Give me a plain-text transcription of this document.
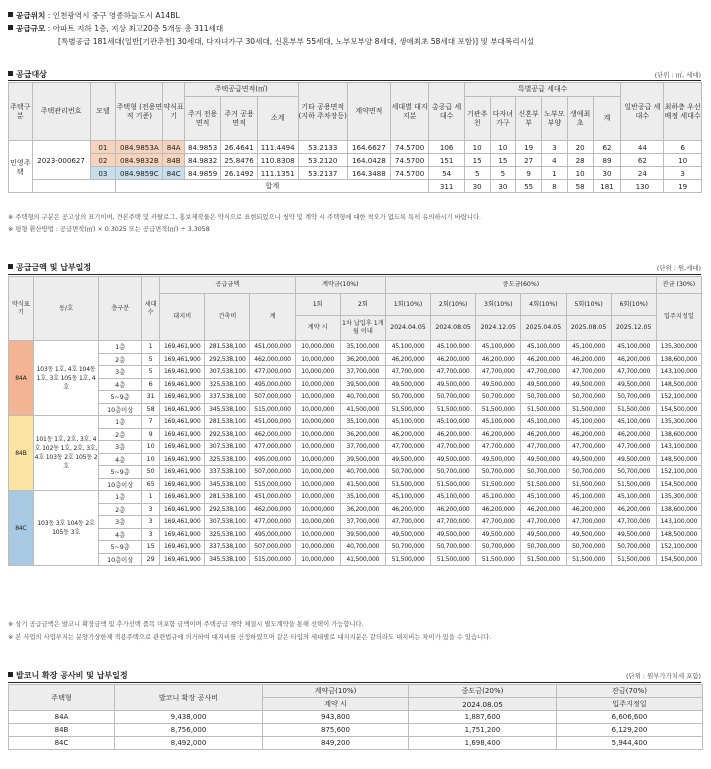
공급위치 : 인천광역시 중구 영종하늘도시 A14BL
공급규모 : 아파트 지하 1층, 지상 최고20층 5개동 총 311세대
[특별공급 181세대(일반[기관추천] 30세대, 다자녀가구 30세대, 신혼부부 55세대, 노부모부양 8세대, 생애최초 58세대 포함)] 및 부대복리시설
공급대상	(단위 : ㎡, 세대)
주택구분	주택관리번호	모델	주택형 (전용면적 기준)	약식표기	주택공급면적(㎡)			기타 공용면적 (지하 주차장등)	계약면적	세대별 대지지분	총공급 세대수	특별공급 세대수						일반공급 세대수	최하층 우선배정 세대수
					주거 전용면적	주거 공용면적	소계					기관추천	다자녀가구	신혼부부	노부모부양	생애최초	계		
민영주택	2023-000627	01	084.9853A	84A	84.9853	26.4641	111.4494	53.2133	164.6627	74.5700	106	10	10	19	3	20	62	44	6
		02	084.9832B	84B	84.9832	25.8476	110.8308	53.2120	164.0428	74.5700	151	15	15	27	4	28	89	62	10
		03	084.9859C	84C	84.9859	26.1492	111.1351	53.2137	164.3488	74.5700	54	5	5	9	1	10	30	24	3
			합계								311	30	30	55	8	58	181	130	19
※ 주택형의 구분은 공고상의 표기이며, 견본주택 및 카탈로그, 홍보제작물은 약식으로 표현되었으니 청약 및 계약 시 주택형에 대한 착오가 없도록 특히 유의하시기 바랍니다.
※ 평형 환산방법 : 공급면적(㎡) × 0.3025 또는 공급면적(㎡) ÷ 3.3058
공급금액 및 납부일정	(단위 : 원,세대)
약식표기	동/호	층구분	세대수	공급금액			계약금(10%)		중도금(60%)						잔금 (30%)
				대지비	건축비	계	1회	2회	1회(10%)	2회(10%)	3회(10%)	4회(10%)	5회(10%)	6회(10%)	입주지정일
							계약 시	1차 납입후 1개월 이내	2024.04.05	2024.08.05	2024.12.05	2025.04.05	2025.08.05	2025.12.05	
84A	103동 1호, 4호 104동 1호, 3호 105동 1호, 4호	1층	1	169,461,900	281,538,100	451,000,000	10,000,000	35,100,000	45,100,000	45,100,000	45,100,000	45,100,000	45,100,000	45,100,000	135,300,000
		2층	5	169,461,900	292,538,100	462,000,000	10,000,000	36,200,000	46,200,000	46,200,000	46,200,000	46,200,000	46,200,000	46,200,000	138,600,000
		3층	5	169,461,900	307,538,100	477,000,000	10,000,000	37,700,000	47,700,000	47,700,000	47,700,000	47,700,000	47,700,000	47,700,000	143,100,000
		4층	6	169,461,900	325,538,100	495,000,000	10,000,000	39,500,000	49,500,000	49,500,000	49,500,000	49,500,000	49,500,000	49,500,000	148,500,000
		5~9층	31	169,461,900	337,538,100	507,000,000	10,000,000	40,700,000	50,700,000	50,700,000	50,700,000	50,700,000	50,700,000	50,700,000	152,100,000
		10층이상	58	169,461,900	345,538,100	515,000,000	10,000,000	41,500,000	51,500,000	51,500,000	51,500,000	51,500,000	51,500,000	51,500,000	154,500,000
84B	101동 1호, 2호, 3호, 4호 102동 1호, 2호, 3호, 4호 103동 2호 105동 2호	1층	7	169,461,900	281,538,100	451,000,000	10,000,000	35,100,000	45,100,000	45,100,000	45,100,000	45,100,000	45,100,000	45,100,000	135,300,000
		2층	9	169,461,900	292,538,100	462,000,000	10,000,000	36,200,000	46,200,000	46,200,000	46,200,000	46,200,000	46,200,000	46,200,000	138,600,000
		3층	10	169,461,900	307,538,100	477,000,000	10,000,000	37,700,000	47,700,000	47,700,000	47,700,000	47,700,000	47,700,000	47,700,000	143,100,000
		4층	10	169,461,900	325,538,100	495,000,000	10,000,000	39,500,000	49,500,000	49,500,000	49,500,000	49,500,000	49,500,000	49,500,000	148,500,000
		5~9층	50	169,461,900	337,538,100	507,000,000	10,000,000	40,700,000	50,700,000	50,700,000	50,700,000	50,700,000	50,700,000	50,700,000	152,100,000
		10층이상	65	169,461,900	345,538,100	515,000,000	10,000,000	41,500,000	51,500,000	51,500,000	51,500,000	51,500,000	51,500,000	51,500,000	154,500,000
84C	103동 3호 104동 2호 105동 3호	1층	1	169,461,900	281,538,100	451,000,000	10,000,000	35,100,000	45,100,000	45,100,000	45,100,000	45,100,000	45,100,000	45,100,000	135,300,000
		2층	3	169,461,900	292,538,100	462,000,000	10,000,000	36,200,000	46,200,000	46,200,000	46,200,000	46,200,000	46,200,000	46,200,000	138,600,000
		3층	3	169,461,900	307,538,100	477,000,000	10,000,000	37,700,000	47,700,000	47,700,000	47,700,000	47,700,000	47,700,000	47,700,000	143,100,000
		4층	3	169,461,900	325,538,100	495,000,000	10,000,000	39,500,000	49,500,000	49,500,000	49,500,000	49,500,000	49,500,000	49,500,000	148,500,000
		5~9층	15	169,461,900	337,538,100	507,000,000	10,000,000	40,700,000	50,700,000	50,700,000	50,700,000	50,700,000	50,700,000	50,700,000	152,100,000
		10층이상	29	169,461,900	345,538,100	515,000,000	10,000,000	41,500,000	51,500,000	51,500,000	51,500,000	51,500,000	51,500,000	51,500,000	154,500,000
※ 상기 공급금액은 발코니 확장금액 및 추가선택 품목 미포함 금액이며 주택공급 계약 체결시 별도계약을 통해 선택이 가능합니다.
※ 본 사업의 사업부지는 분양가상한제 적용주택으로 관련법규에 의거하여 대지비를 산정하였으며 같은 타입의 세대별로 대지지분은 같더라도 대지비는 차이가 있을 수 있습니다.
발코니 확장 공사비 및 납부일정	(단위 : 원부가가치세 포함)
주택형	발코니 확장 공사비	계약금(10%)	중도금(20%)	잔금(70%)
		계약 시	2024.08.05	입주지정일
84A	9,438,000	943,800	1,887,600	6,606,600
84B	8,756,000	875,600	1,751,200	6,129,200
84C	8,492,000	849,200	1,698,400	5,944,400
